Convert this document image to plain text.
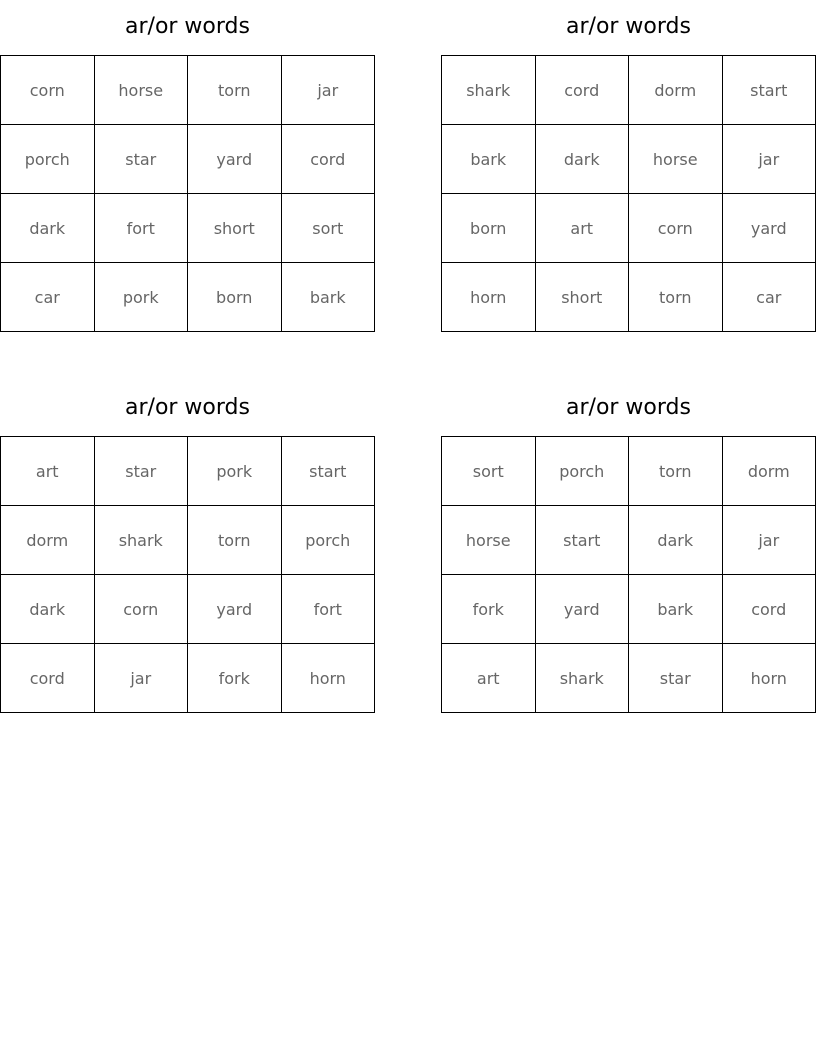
ar/or words
corn	horse	torn	jar
porch	star	yard	cord
dark	fort	short	sort
car	pork	born	bark
ar/or words
shark	cord	dorm	start
bark	dark	horse	jar
born	art	corn	yard
horn	short	torn	car
ar/or words
art	star	pork	start
dorm	shark	torn	porch
dark	corn	yard	fort
cord	jar	fork	horn
ar/or words
sort	porch	torn	dorm
horse	start	dark	jar
fork	yard	bark	cord
art	shark	star	horn
